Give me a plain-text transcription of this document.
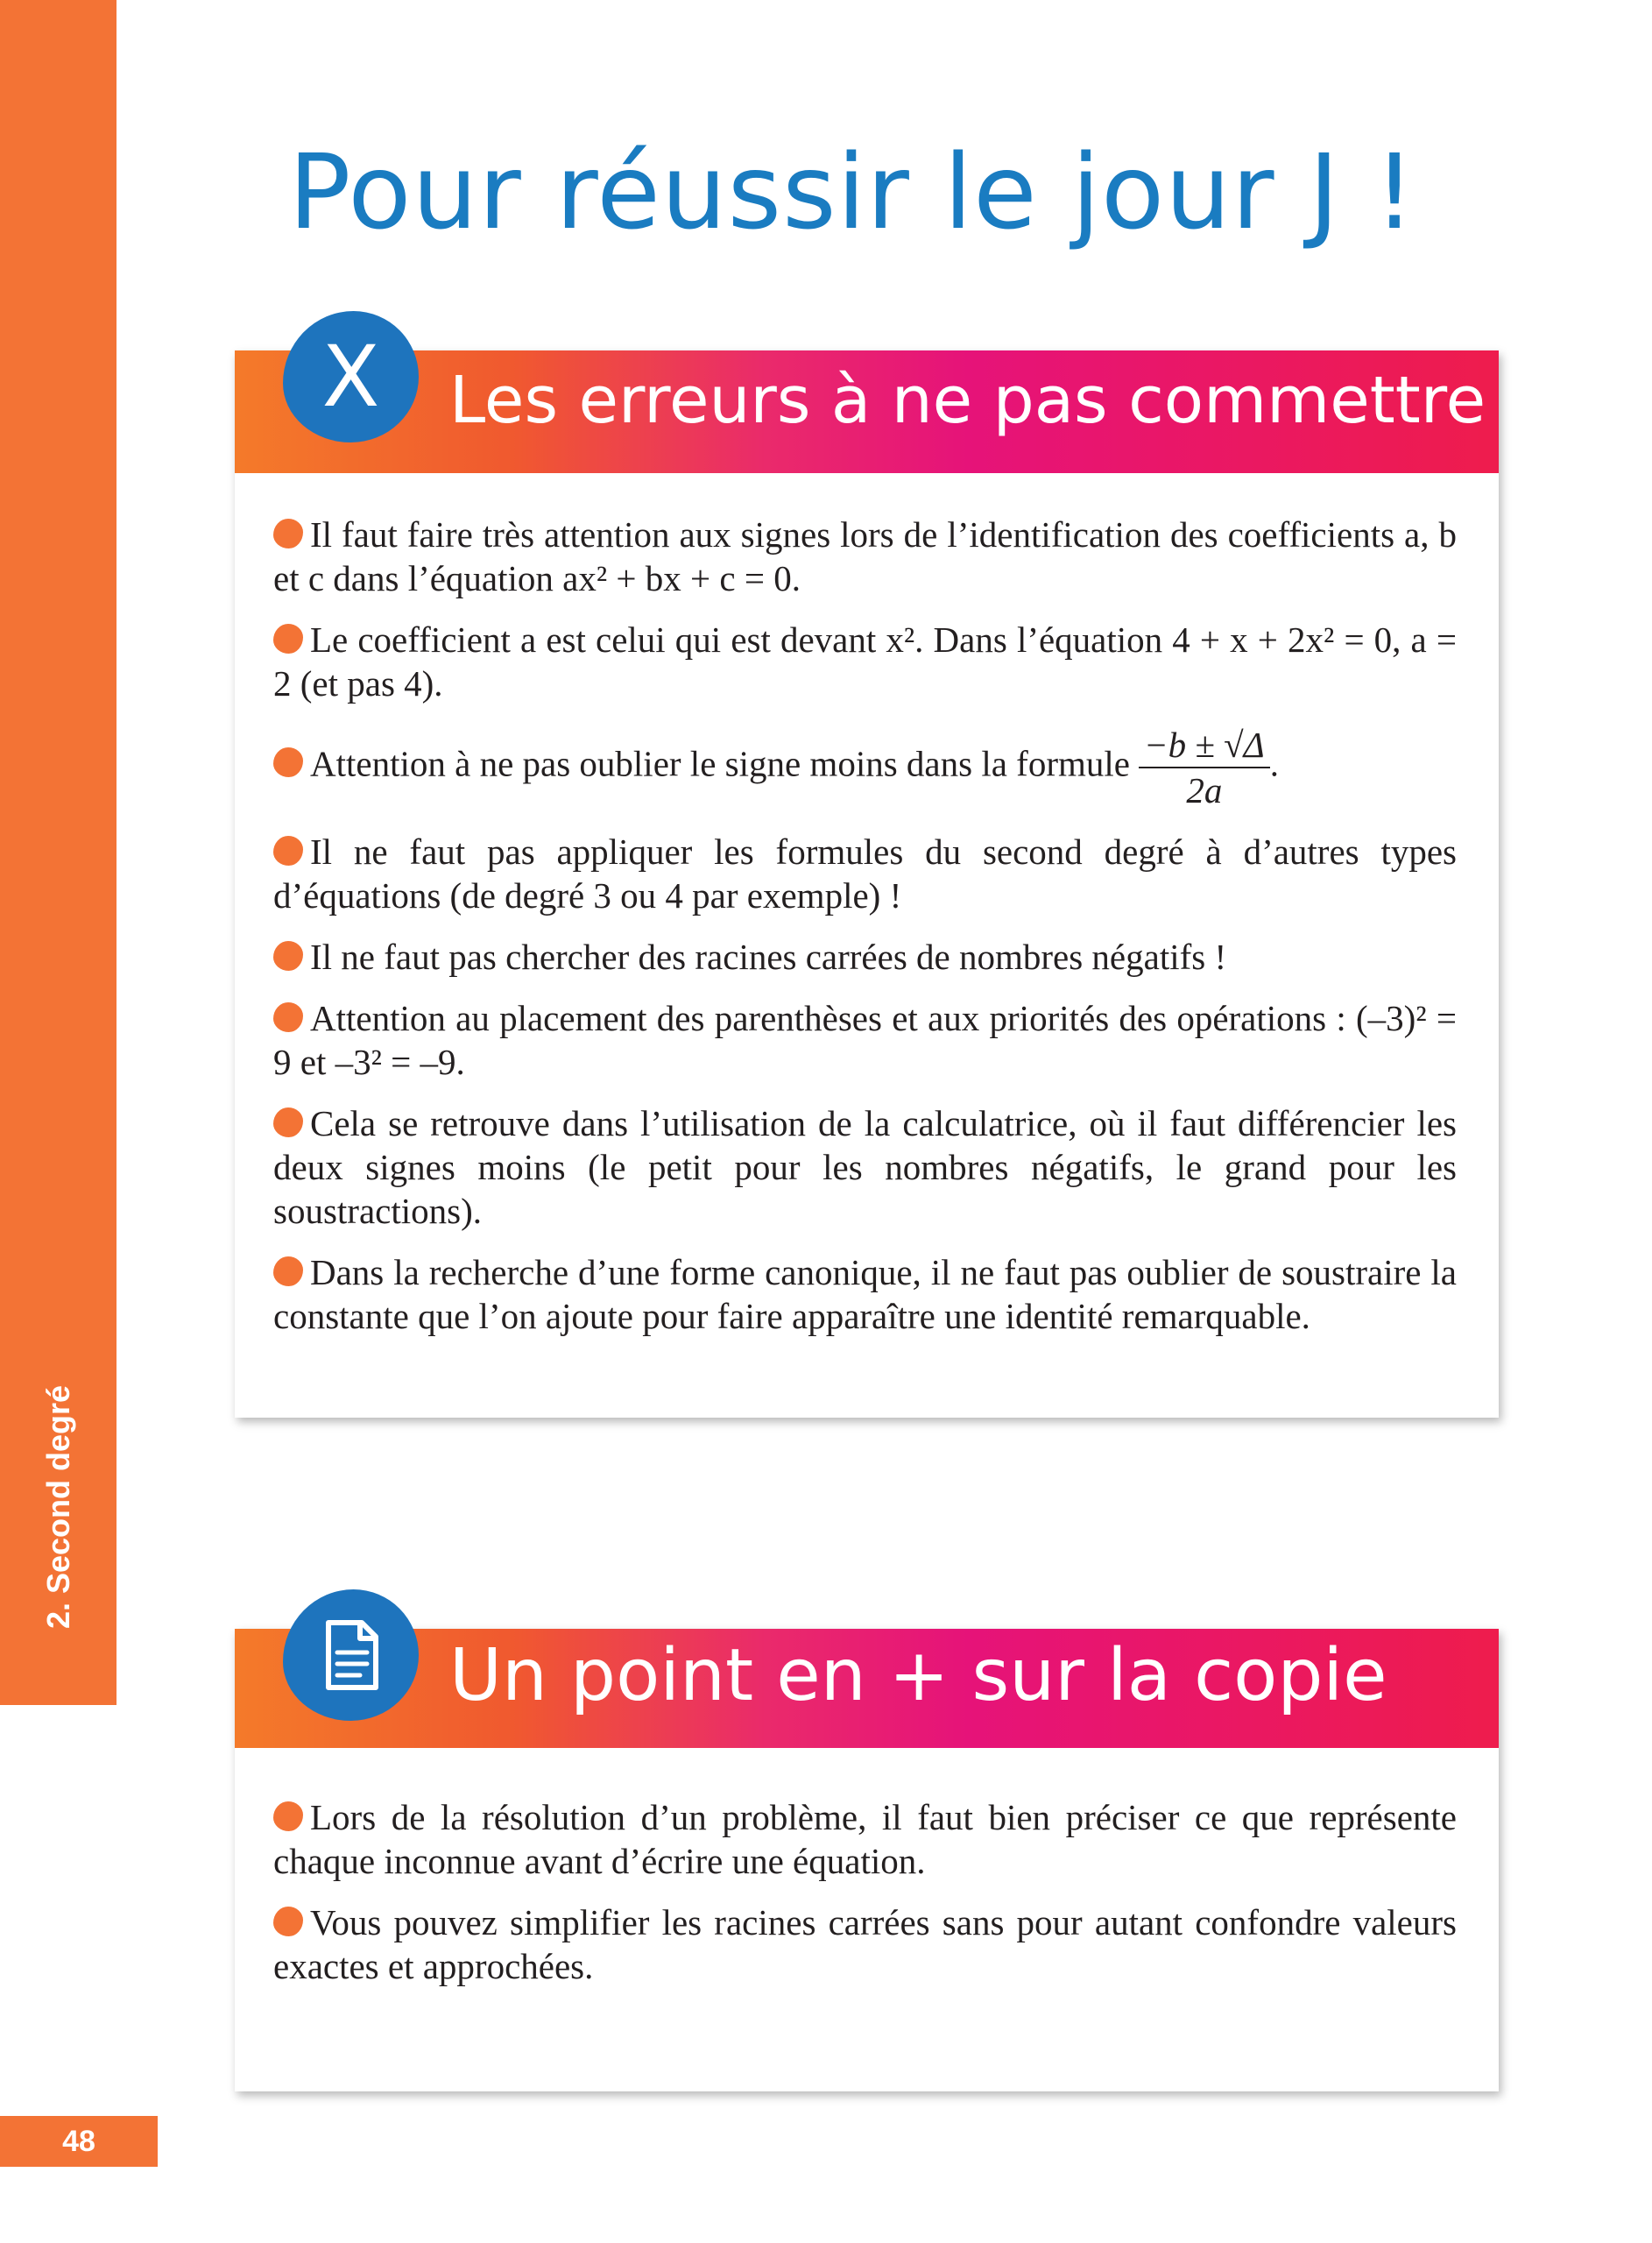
2. Second degré
48
Pour réussir le jour J !
X Les erreurs à ne pas commettre
Il faut faire très attention aux signes lors de l’identification des coefficients a, b et c dans l’équation ax² + bx + c = 0.
Le coefficient a est celui qui est devant x². Dans l’équation 4 + x + 2x² = 0, a = 2 (et pas 4).
Attention à ne pas oublier le signe moins dans la formule $\frac{-b \pm √\Delta}{2a}$ .
Il ne faut pas appliquer les formules du second degré à d’autres types d’équations (de degré 3 ou 4 par exemple) !
Il ne faut pas chercher des racines carrées de nombres négatifs !
Attention au placement des parenthèses et aux priorités des opérations : (–3)² = 9 et –3² = –9.
Cela se retrouve dans l’utilisation de la calculatrice, où il faut différencier les deux signes moins (le petit pour les nombres négatifs, le grand pour les soustractions).
Dans la recherche d’une forme canonique, il ne faut pas oublier de soustraire la constante que l’on ajoute pour faire apparaître une identité remarquable.
Un point en + sur la copie
Lors de la résolution d’un problème, il faut bien préciser ce que représente chaque inconnue avant d’écrire une équation.
Vous pouvez simplifier les racines carrées sans pour autant confondre valeurs exactes et approchées.
